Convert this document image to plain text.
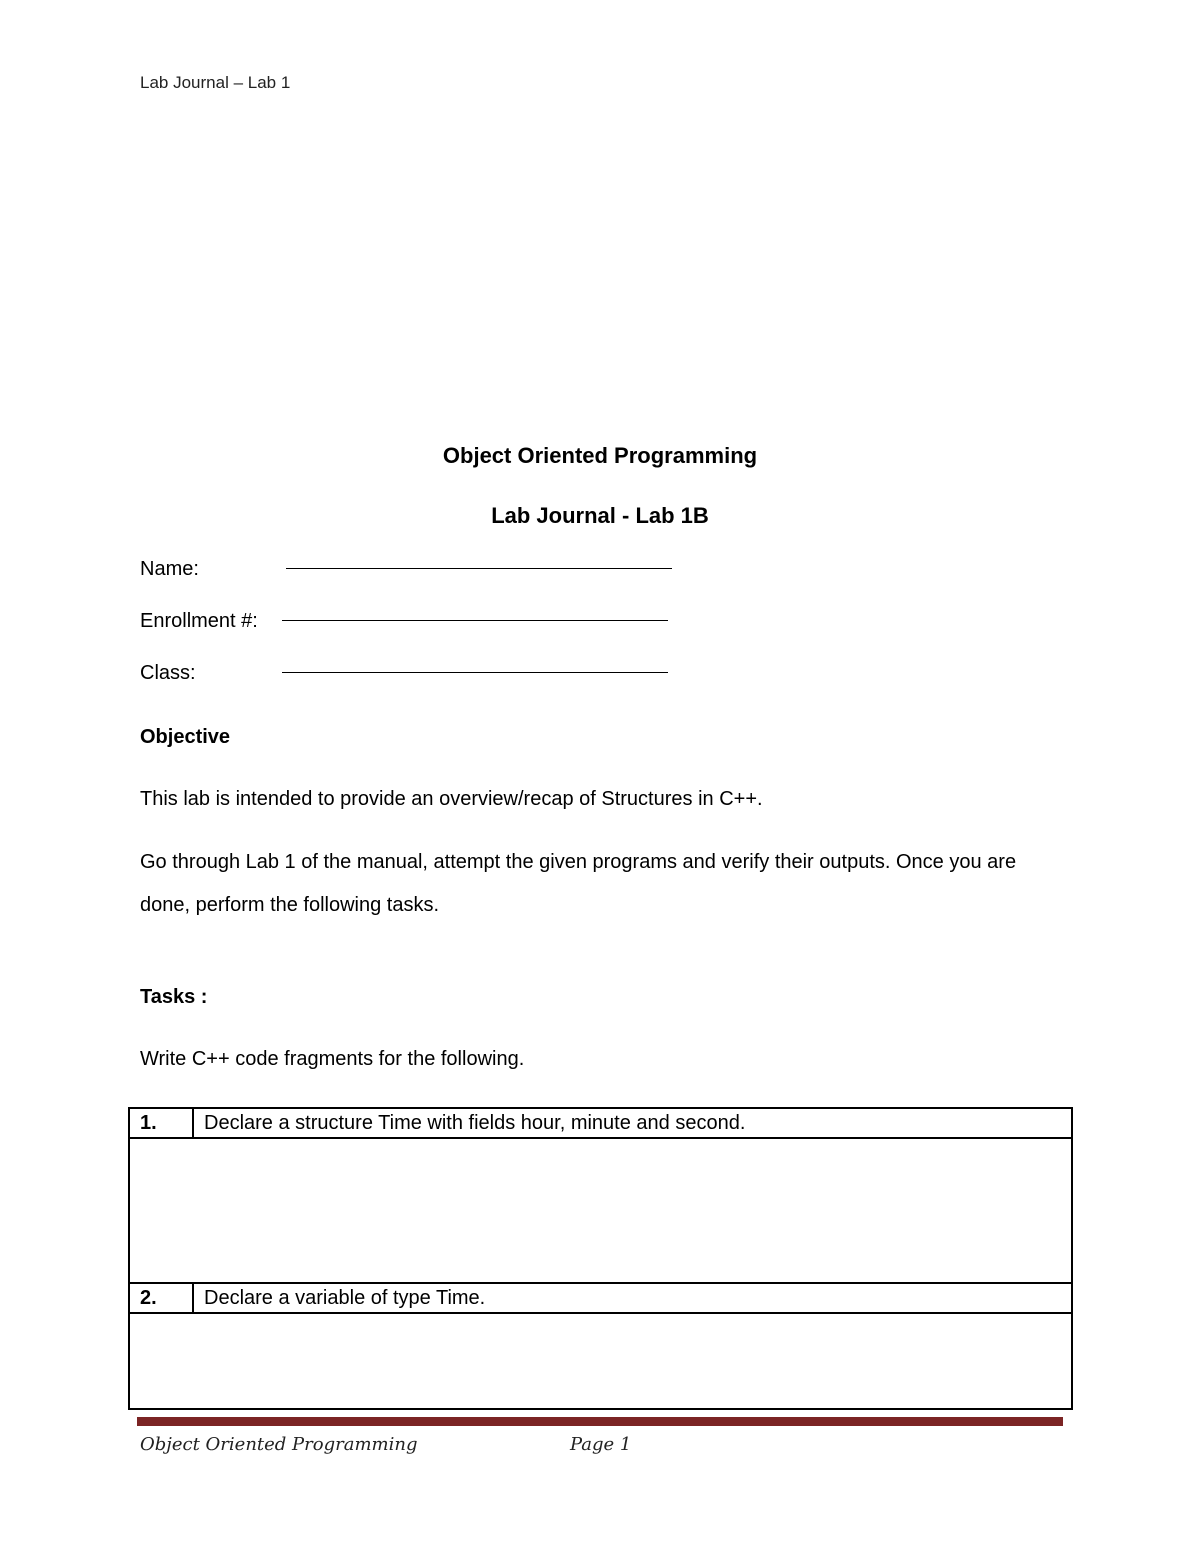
Lab Journal – Lab 1
Object Oriented Programming
Lab Journal - Lab 1B
Name:
Enrollment #:
Class:
Objective
This lab is intended to provide an overview/recap of Structures in C++.
Go through Lab 1 of the manual, attempt the given programs and verify their outputs. Once you are done, perform the following tasks.
Tasks :
Write C++ code fragments for the following.
1.	Declare a structure Time with fields hour, minute and second.

2.	Declare a variable of type Time.

Object Oriented Programming	Page 1
